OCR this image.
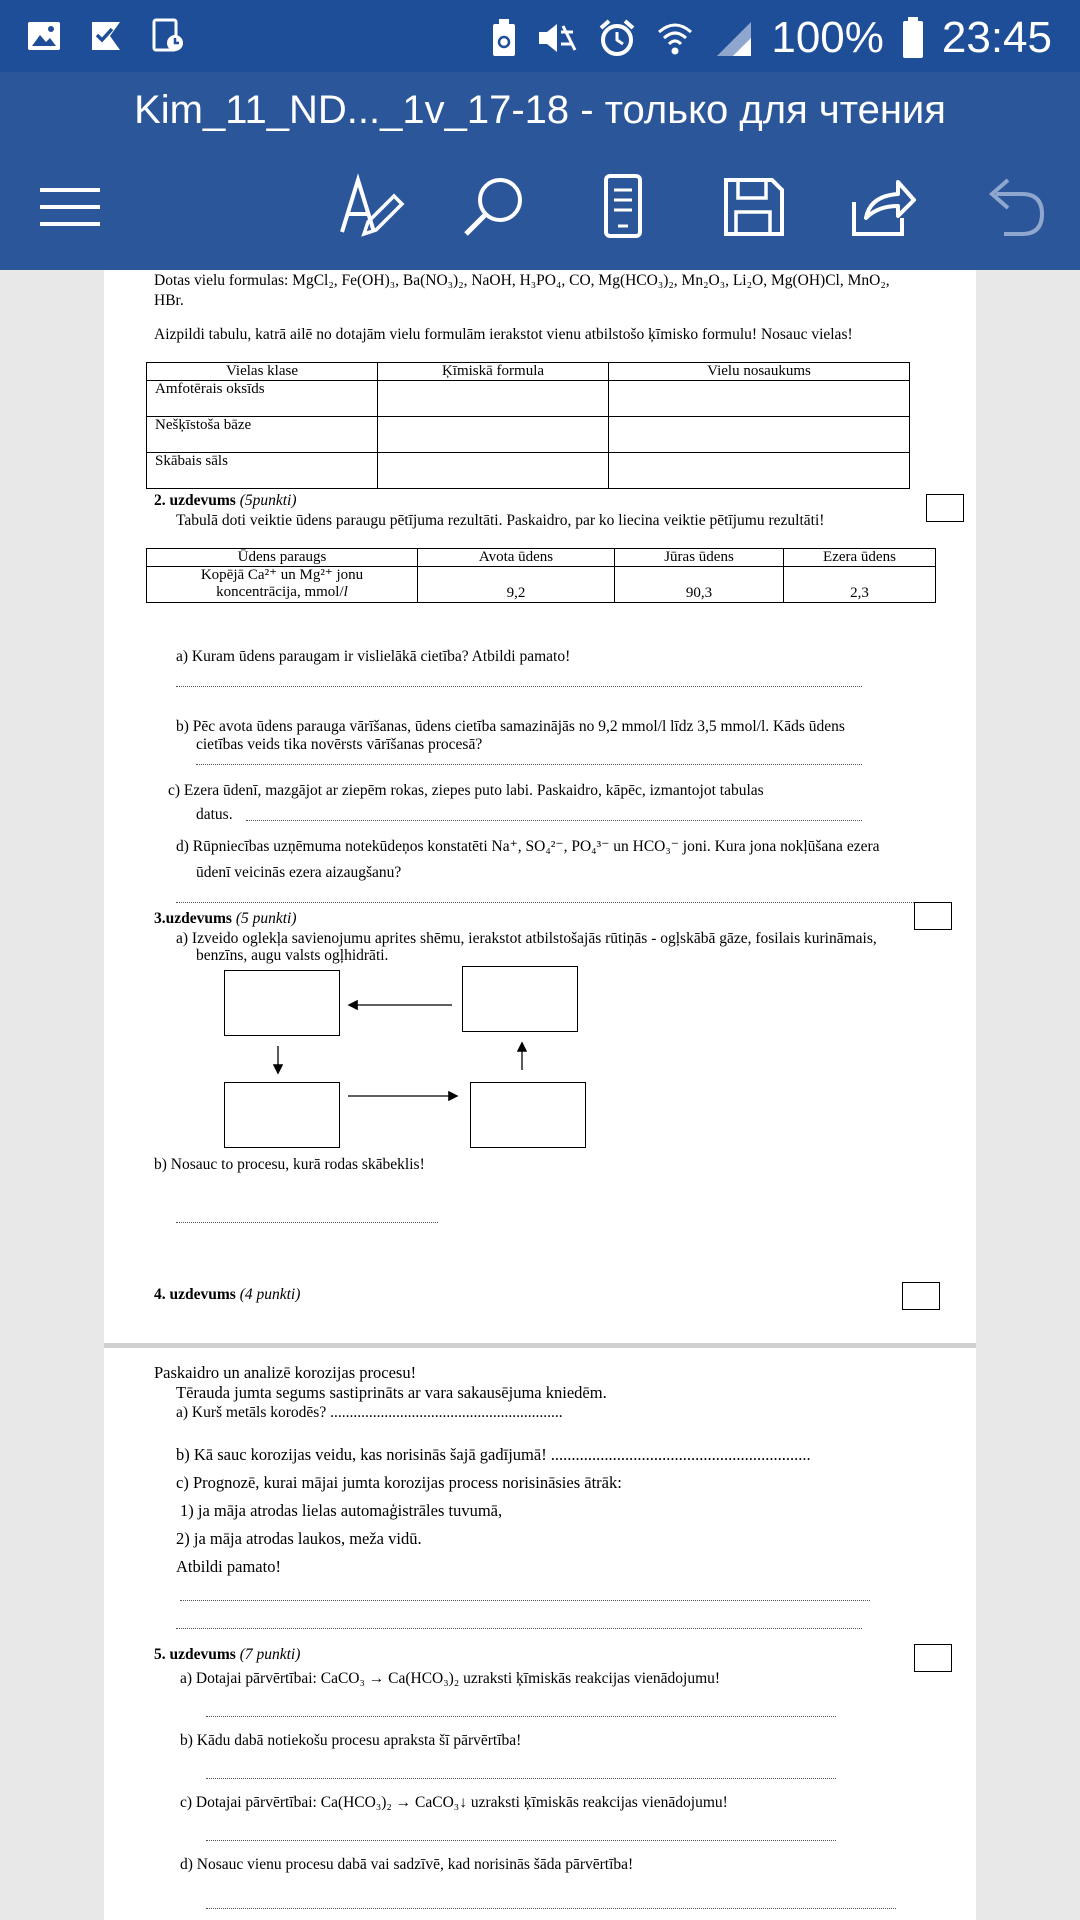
100% 23:45
Kim_11_ND..._1v_17-18 - только для чтения
Dotas vielu formulas: MgCl₂, Fe(OH)₃, Ba(NO₃)₂, NaOH, H₃PO₄, CO, Mg(HCO₃)₂, Mn₂O₃, Li₂O, Mg(OH)Cl, MnO₂,
HBr.
Aizpildi tabulu, katrā ailē no dotajām vielu formulām ierakstot vienu atbilstošo ķīmisko formulu! Nosauc vielas!
Vielas klase	Ķīmiskā formula	Vielu nosaukums
Amfotērais oksīds		
Nešķīstoša bāze		
Skābais sāls		
2. uzdevums (5punkti)
Tabulā doti veiktie ūdens paraugu pētījuma rezultāti. Paskaidro, par ko liecina veiktie pētījumu rezultāti!
Ūdens paraugs	Avota ūdens	Jūras ūdens	Ezera ūdens
Kopējā Ca²⁺ un Mg²⁺ jonu
koncentrācija, mmol/l	9,2	90,3	2,3
a) Kuram ūdens paraugam ir vislielākā cietība? Atbildi pamato!
b) Pēc avota ūdens parauga vārīšanas, ūdens cietība samazinājās no 9,2 mmol/l līdz 3,5 mmol/l. Kāds ūdens
cietības veids tika novērsts vārīšanas procesā?
c) Ezera ūdenī, mazgājot ar ziepēm rokas, ziepes puto labi. Paskaidro, kāpēc, izmantojot tabulas
datus.
d) Rūpniecības uzņēmuma notekūdeņos konstatēti Na⁺, SO₄²⁻, PO₄³⁻ un HCO₃⁻ joni. Kura jona nokļūšana ezera
ūdenī veicinās ezera aizaugšanu?
3.uzdevums (5 punkti)
a) Izveido oglekļa savienojumu aprites shēmu, ierakstot atbilstošajās rūtiņās - ogļskābā gāze, fosilais kurināmais,
benzīns, augu valsts ogļhidrāti.
b) Nosauc to procesu, kurā rodas skābeklis!
4. uzdevums (4 punkti)
Paskaidro un analizē korozijas procesu!
Tērauda jumta segums sastiprināts ar vara sakausējuma kniedēm.
a) Kurš metāls korodēs? ............................................................
b) Kā sauc korozijas veidu, kas norisinās šajā gadījumā! ...............................................................
c) Prognozē, kurai mājai jumta korozijas process norisināsies ātrāk:
1) ja māja atrodas lielas automaģistrāles tuvumā,
2) ja māja atrodas laukos, meža vidū.
Atbildi pamato!
5. uzdevums (7 punkti)
a) Dotajai pārvērtībai: CaCO₃ → Ca(HCO₃)₂ uzraksti ķīmiskās reakcijas vienādojumu!
b) Kādu dabā notiekošu procesu apraksta šī pārvērtība!
c) Dotajai pārvērtībai: Ca(HCO₃)₂ → CaCO₃↓ uzraksti ķīmiskās reakcijas vienādojumu!
d) Nosauc vienu procesu dabā vai sadzīvē, kad norisinās šāda pārvērtība!
